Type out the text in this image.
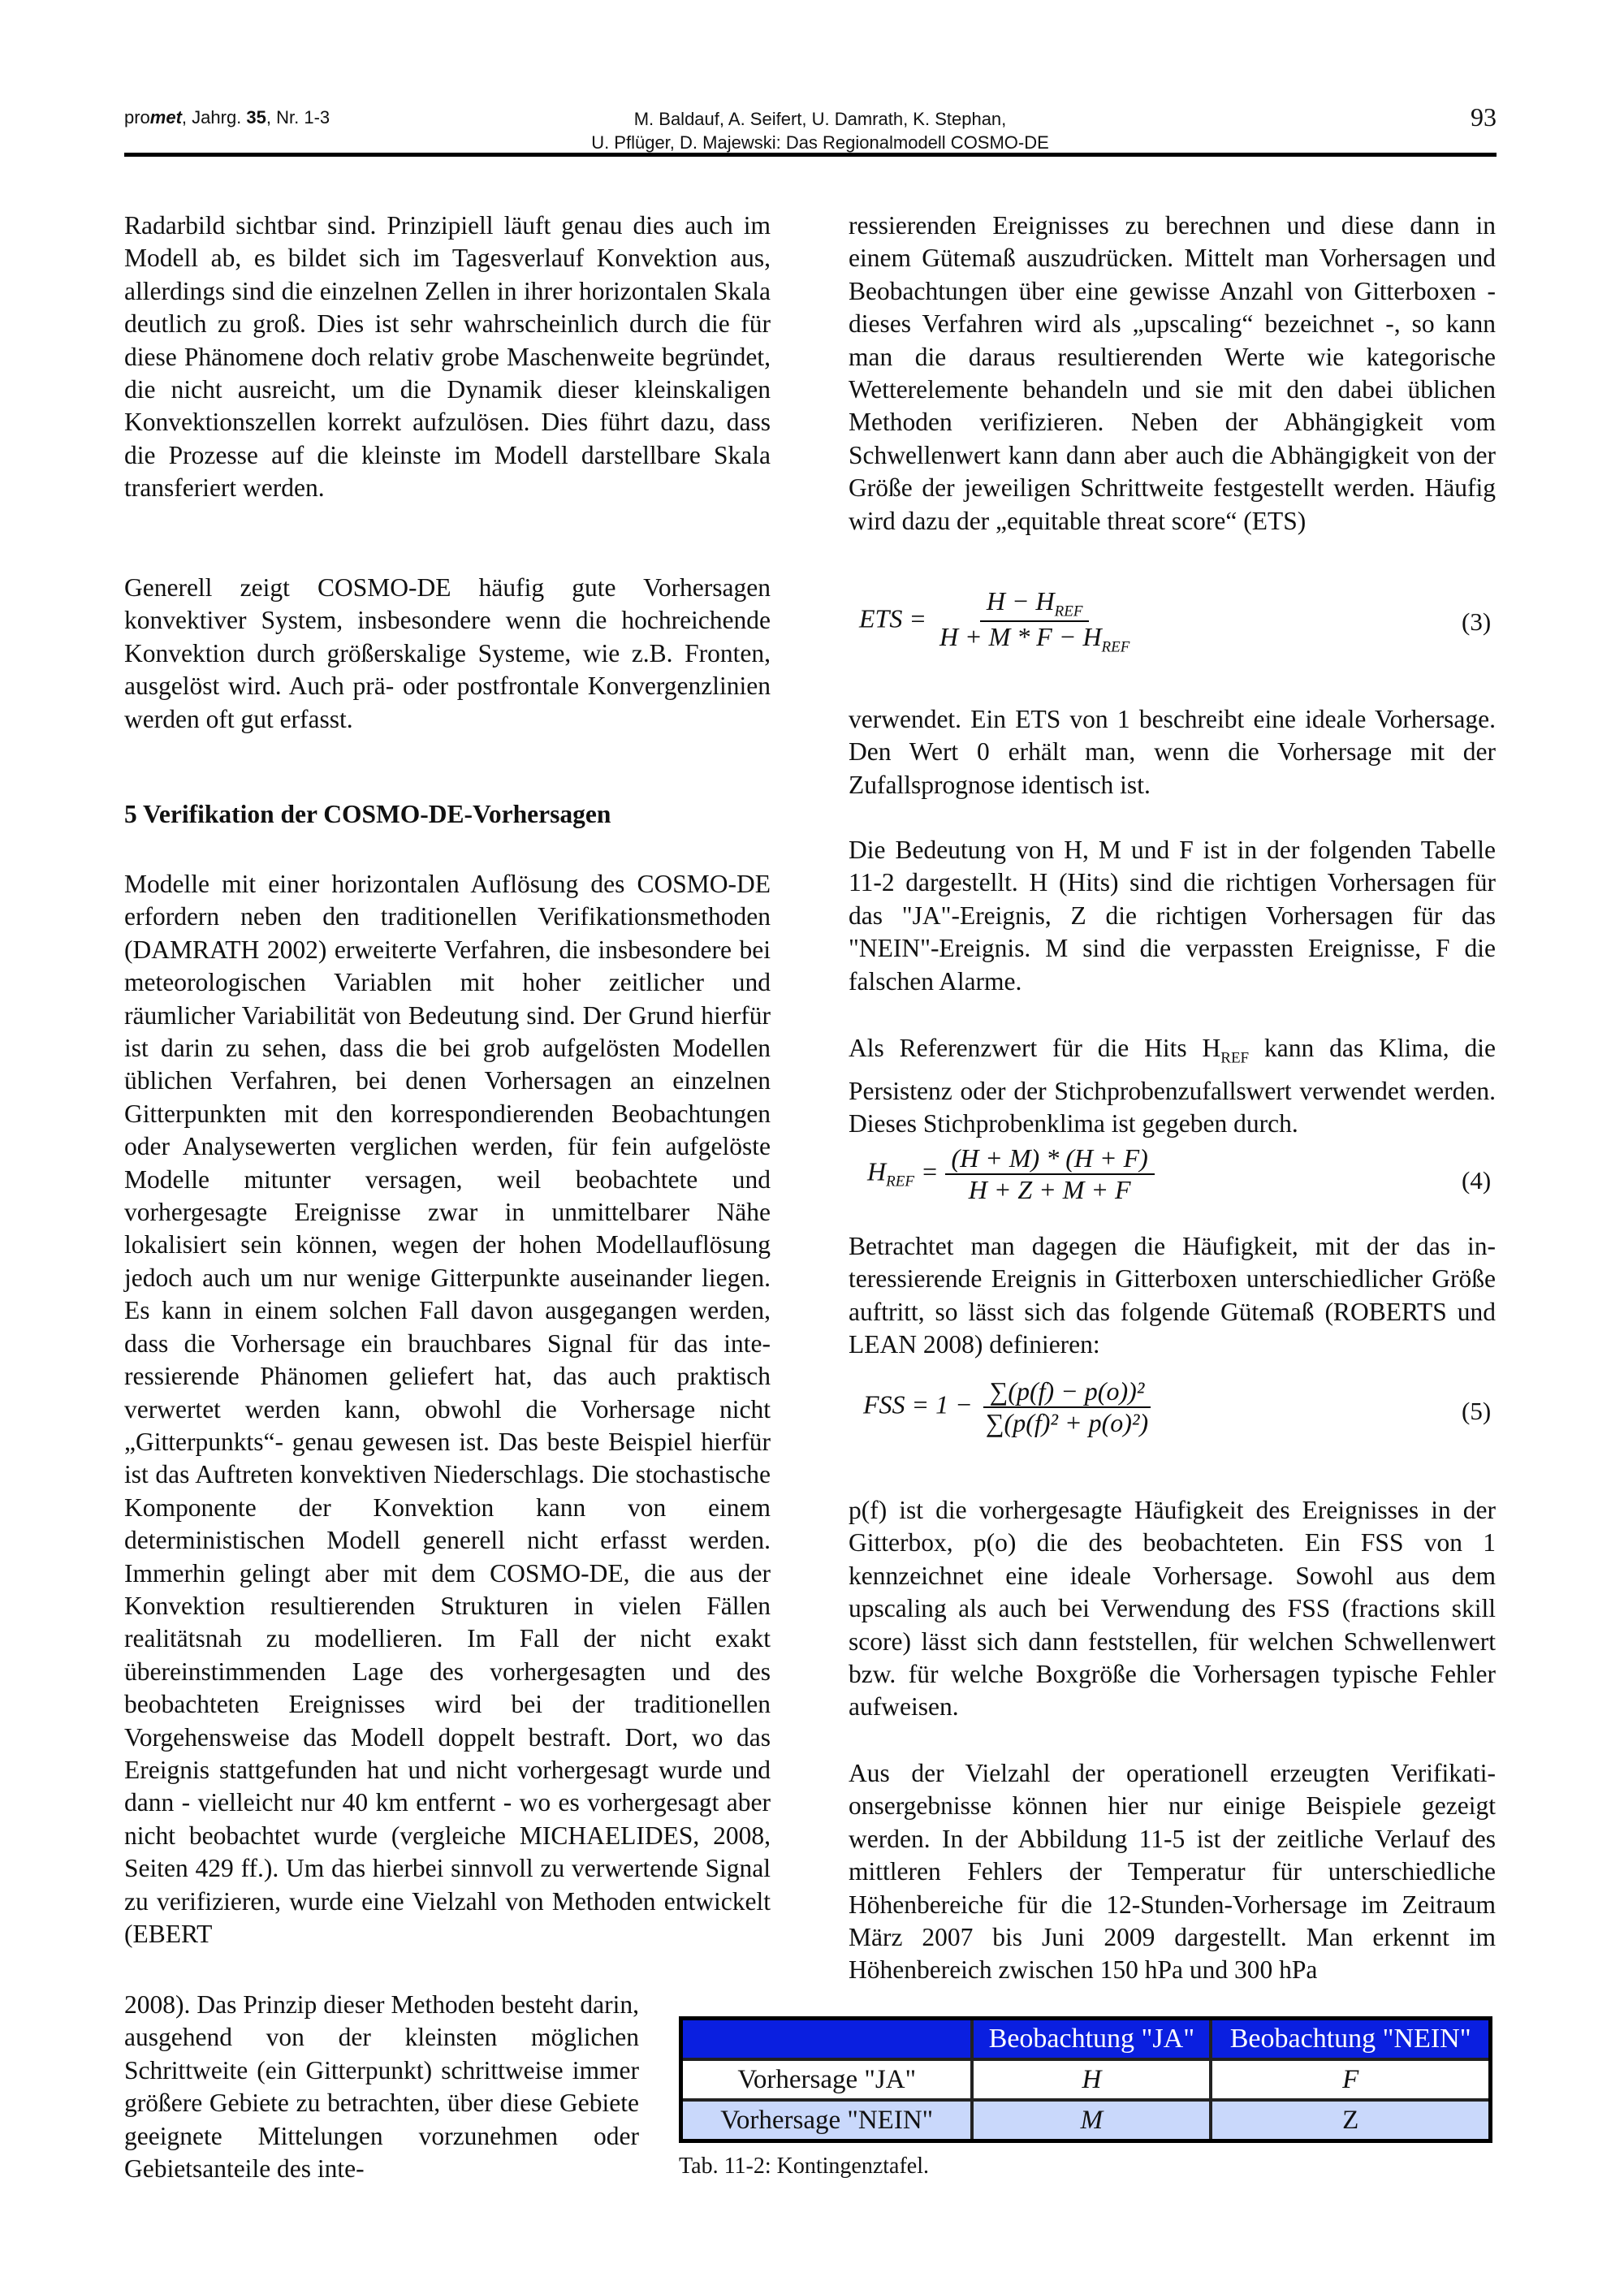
promet, Jahrg. 35, Nr. 1-3	M. Baldauf, A. Seifert, U. Damrath, K. Stephan,
U. Pflüger, D. Majewski: Das Regionalmodell COSMO-DE
93
Radarbild sichtbar sind. Prinzipiell läuft genau dies auch im Modell ab, es bildet sich im Tagesverlauf Konvektion aus, allerdings sind die einzelnen Zellen in ihrer horizontalen Skala deutlich zu groß. Dies ist sehr wahrscheinlich durch die für diese Phänomene doch relativ grobe Maschenweite begründet, die nicht ausreicht, um die Dynamik dieser kleinskaligen Konvektionszellen korrekt aufzulösen. Dies führt dazu, dass die Prozesse auf die kleinste im Modell darstellbare Skala transferiert werden.
Generell zeigt COSMO-DE häufig gute Vorhersagen konvektiver System, insbesondere wenn die hochreichende Konvektion durch größerskalige Systeme, wie z.B. Fronten, ausgelöst wird. Auch prä- oder postfrontale Konvergenzlinien werden oft gut erfasst.
5 Verifikation der COSMO-DE-Vorhersagen
Modelle mit einer horizontalen Auflösung des COSMO-DE erfordern neben den traditionellen Verifikationsmethoden (DAMRATH 2002) erweiterte Verfahren, die insbesondere bei meteorologischen Variablen mit hoher zeitlicher und räumlicher Variabilität von Bedeutung sind. Der Grund hierfür ist darin zu sehen, dass die bei grob aufgelösten Modellen üblichen Verfahren, bei denen Vorhersagen an einzelnen Gitterpunkten mit den korrespondierenden Beobachtungen oder Analysewerten verglichen werden, für fein aufgelöste Modelle mitunter versagen, weil beobachtete und vorhergesagte Ereignisse zwar in unmittelbarer Nähe lokalisiert sein können, wegen der hohen Modellauflösung jedoch auch um nur wenige Gitterpunkte auseinander liegen. Es kann in einem solchen Fall davon ausgegangen werden, dass die Vorhersage ein brauchbares Signal für das interessierende Phänomen geliefert hat, das auch praktisch verwertet werden kann, obwohl die Vorhersage nicht „Gitterpunkts“- genau gewesen ist. Das beste Beispiel hierfür ist das Auftreten konvektiven Niederschlags. Die stochastische Komponente der Konvektion kann von einem deterministischen Modell generell nicht erfasst werden. Immerhin gelingt aber mit dem COSMO-DE, die aus der Konvektion resultierenden Strukturen in vielen Fällen realitätsnah zu modellieren. Im Fall der nicht exakt übereinstimmenden Lage des vorhergesagten und des beobachteten Ereignisses wird bei der traditionellen Vorgehensweise das Modell doppelt bestraft. Dort, wo das Ereignis stattgefunden hat und nicht vorhergesagt wurde und dann - vielleicht nur 40 km entfernt - wo es vorhergesagt aber nicht beobachtet wurde (vergleiche MICHAELIDES, 2008, Seiten 429 ff.). Um das hierbei sinnvoll zu verwertende Signal zu verifizieren, wurde eine Vielzahl von Methoden entwickelt (EBERT
2008). Das Prinzip dieser Methoden besteht darin, ausgehend von der kleinsten möglichen Schrittweite (ein Gitterpunkt) schrittweise immer größere Gebiete zu betrachten, über diese Gebiete geeignete Mittelungen vorzunehmen oder Gebietsanteile des inte-
ressierenden Ereignisses zu berechnen und diese dann in einem Gütemaß auszudrücken. Mittelt man Vorhersagen und Beobachtungen über eine gewisse Anzahl von Gitterboxen - dieses Verfahren wird als „upscaling“ bezeichnet -, so kann man die daraus resultierenden Werte wie kategorische Wetterelemente behandeln und sie mit den dabei üblichen Methoden verifizieren. Neben der Abhängigkeit vom Schwellenwert kann dann aber auch die Abhängigkeit von der Größe der jeweiligen Schrittweite festgestellt werden. Häufig wird dazu der „equitable threat score“ (ETS)
ETS =
$H - H_{REF}$
$H + M * F - H_{REF}$
(3)
verwendet. Ein ETS von 1 beschreibt eine ideale Vorhersage. Den Wert 0 erhält man, wenn die Vorhersage mit der Zufallsprognose identisch ist.
Die Bedeutung von H, M und F ist in der folgenden Tabelle 11-2 dargestellt. H (Hits) sind die richtigen Vorhersagen für das "JA"-Ereignis, Z die richtigen Vorhersagen für das "NEIN"-Ereignis. M sind die verpassten Ereignisse, F die falschen Alarme.
Als Referenzwert für die Hits $H_{REF}$ kann das Klima, die Persistenz oder der Stichprobenzufallswert verwendet werden. Dieses Stichprobenklima ist gegeben durch.
$H_{REF} = \frac{(H + M) * (H + F)}{H + Z + M + F}$	(4)
Betrachtet man dagegen die Häufigkeit, mit der das interessierende Ereignis in Gitterboxen unterschiedlicher Größe auftritt, so lässt sich das folgende Gütemaß (ROBERTS und LEAN 2008) definieren:
FSS = $1 - \frac{\text{∑(p(f) − p(o))²}}{\text{∑(p(f)² + p(o)²)}}$	(5)
p(f) ist die vorhergesagte Häufigkeit des Ereignisses in der Gitterbox, p(o) die des beobachteten. Ein FSS von 1 kennzeichnet eine ideale Vorhersage. Sowohl aus dem upscaling als auch bei Verwendung des FSS (fractions skill score) lässt sich dann feststellen, für welchen Schwellenwert bzw. für welche Boxgröße die Vorhersagen typische Fehler aufweisen.
Aus der Vielzahl der operationell erzeugten Verifikationsergebnisse können hier nur einige Beispiele gezeigt werden. In der Abbildung 11-5 ist der zeitliche Verlauf des mittleren Fehlers der Temperatur für unterschiedliche Höhenbereiche für die 12-Stunden-Vorhersage im Zeitraum März 2007 bis Juni 2009 dargestellt. Man erkennt im Höhenbereich zwischen 150 hPa und 300 hPa
	Beobachtung "JA"	Beobachtung "NEIN"
Vorhersage "JA"	H	F
Vorhersage "NEIN"	M	Z
Tab. 11-2: Kontingenztafel.
